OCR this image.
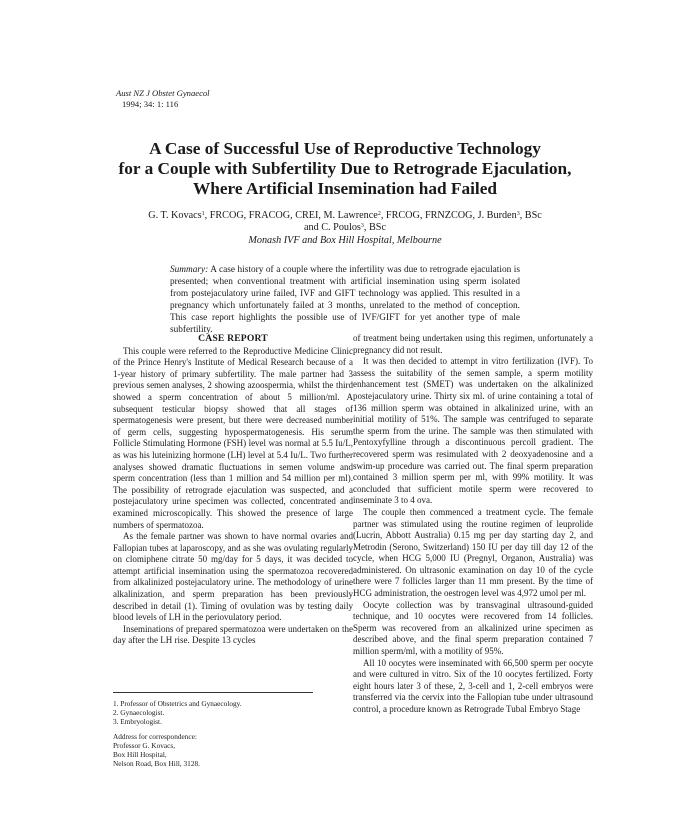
Aust NZ J Obstet Gynaecol
1994; 34: 1: 116
A Case of Successful Use of Reproductive Technology
for a Couple with Subfertility Due to Retrograde Ejaculation,
Where Artificial Insemination had Failed
G. T. Kovacs$^1$, FRCOG, FRACOG, CREI, M. Lawrence$^2$, FRCOG, FRNZCOG, J. Burden$^3$, BSc
and C. Poulos$^3$, BSc
Monash IVF and Box Hill Hospital, Melbourne
Summary: A case history of a couple where the infertility was due to retrograde ejaculation is presented; when conventional treatment with artificial insemination using sperm isolated from postejaculatory urine failed, IVF and GIFT technology was applied. This resulted in a pregnancy which unfortunately failed at 3 months, unrelated to the method of conception. This case report highlights the possible use of IVF/GIFT for yet another type of male subfertility.
CASE REPORT

This couple were referred to the Reproductive Medicine Clinic of the Prince Henry's Institute of Medical Research because of a 1-year history of primary subfertility. The male partner had 3 previous semen analyses, 2 showing azoospermia, whilst the third showed a sperm concentration of about 5 million/ml. A subsequent testicular biopsy showed that all stages of spermatogenesis were present, but there were decreased number of germ cells, suggesting hypospermatogenesis. His serum Follicle Stimulating Hormone (FSH) level was normal at 5.5 Iu/L, as was his luteinizing hormone (LH) level at 5.4 Iu/L. Two further analyses showed dramatic fluctuations in semen volume and sperm concentration (less than 1 million and 54 million per ml). The possibility of retrograde ejaculation was suspected, and a postejaculatory urine specimen was collected, concentrated and examined microscopically. This showed the presence of large numbers of spermatozoa.

As the female partner was shown to have normal ovaries and Fallopian tubes at laparoscopy, and as she was ovulating regularly on clomiphene citrate 50 mg/day for 5 days, it was decided to attempt artificial insemination using the spermatozoa recovered from alkalinized postejaculatory urine. The methodology of urine alkalinization, and sperm preparation has been previously described in detail (1). Timing of ovulation was by testing daily blood levels of LH in the periovulatory period.

Inseminations of prepared spermatozoa were undertaken on the day after the LH rise. Despite 13 cycles

of treatment being undertaken using this regimen, unfortunately a pregnancy did not result.

It was then decided to attempt in vitro fertilization (IVF). To assess the suitability of the semen sample, a sperm motility enhancement test (SMET) was undertaken on the alkalinized postejaculatory urine. Thirty six ml. of urine containing a total of 136 million sperm was obtained in alkalinized urine, with an initial motility of 51%. The sample was centrifuged to separate the sperm from the urine. The sample was then stimulated with Pentoxyfylline through a discontinuous percoll gradient. The recovered sperm was resimulated with 2 deoxyadenosine and a swim-up procedure was carried out. The final sperm preparation contained 3 million sperm per ml, with 99% motility. It was concluded that sufficient motile sperm were recovered to inseminate 3 to 4 ova.

The couple then commenced a treatment cycle. The female partner was stimulated using the routine regimen of leuprolide (Lucrin, Abbott Australia) 0.15 mg per day starting day 2, and Metrodin (Serono, Switzerland) 150 IU per day till day 12 of the cycle, when HCG 5,000 IU (Pregnyl, Organon, Australia) was administered. On ultrasonic examination on day 10 of the cycle there were 7 follicles larger than 11 mm present. By the time of HCG administration, the oestrogen level was 4,972 umol per ml.

Oocyte collection was by transvaginal ultrasound-guided technique, and 10 oocytes were recovered from 14 follicles. Sperm was recovered from an alkalinized urine specimen as described above, and the final sperm preparation contained 7 million sperm/ml, with a motility of 95%.

All 10 oocytes were inseminated with 66,500 sperm per oocyte and were cultured in vitro. Six of the 10 oocytes fertilized. Forty eight hours later 3 of these, 2, 3-cell and 1, 2-cell embryos were transferred via the cervix into the Fallopian tube under ultrasound control, a procedure known as Retrograde Tubal Embryo Stage

1. Professor of Obstetrics and Gynaecology.
2. Gynaecologist.
3. Embryologist.
Address for correspondence:
Professor G. Kovacs,
Box Hill Hospital,
Nelson Road, Box Hill, 3128.
